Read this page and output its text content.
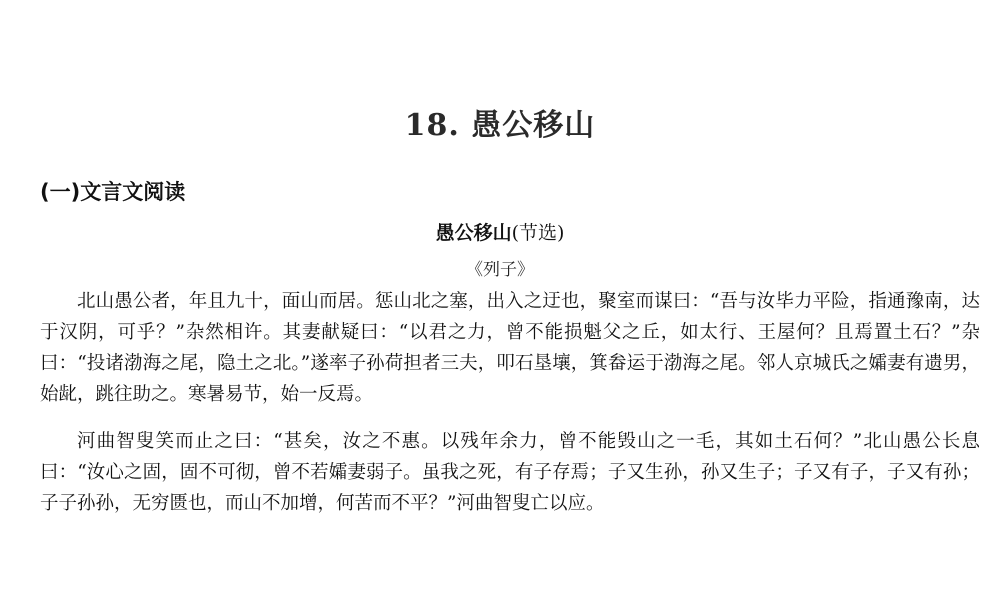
18. 愚公移山
(一)文言文阅读
愚公移山(节选)
《列子》

北山愚公者，年且九十，面山而居。惩山北之塞，出入之迂也，聚室而谋曰：“吾与汝毕力平险，指通豫南，达于汉阴，可乎？”杂然相许。其妻献疑曰：“以君之力，曾不能损魁父之丘，如太行、王屋何？且焉置土石？”杂曰：“投诸渤海之尾，隐土之北。”遂率子孙荷担者三夫，叩石垦壤，箕畚运于渤海之尾。邻人京城氏之孀妻有遗男，始龀，跳往助之。寒暑易节，始一反焉。

河曲智叟笑而止之曰：“甚矣，汝之不惠。以残年余力，曾不能毁山之一毛，其如土石何？”北山愚公长息曰：“汝心之固，固不可彻，曾不若孀妻弱子。虽我之死，有子存焉；子又生孙，孙又生子；子又有子，子又有孙；子子孙孙，无穷匮也，而山不加增，何苦而不平？”河曲智叟亡以应。
